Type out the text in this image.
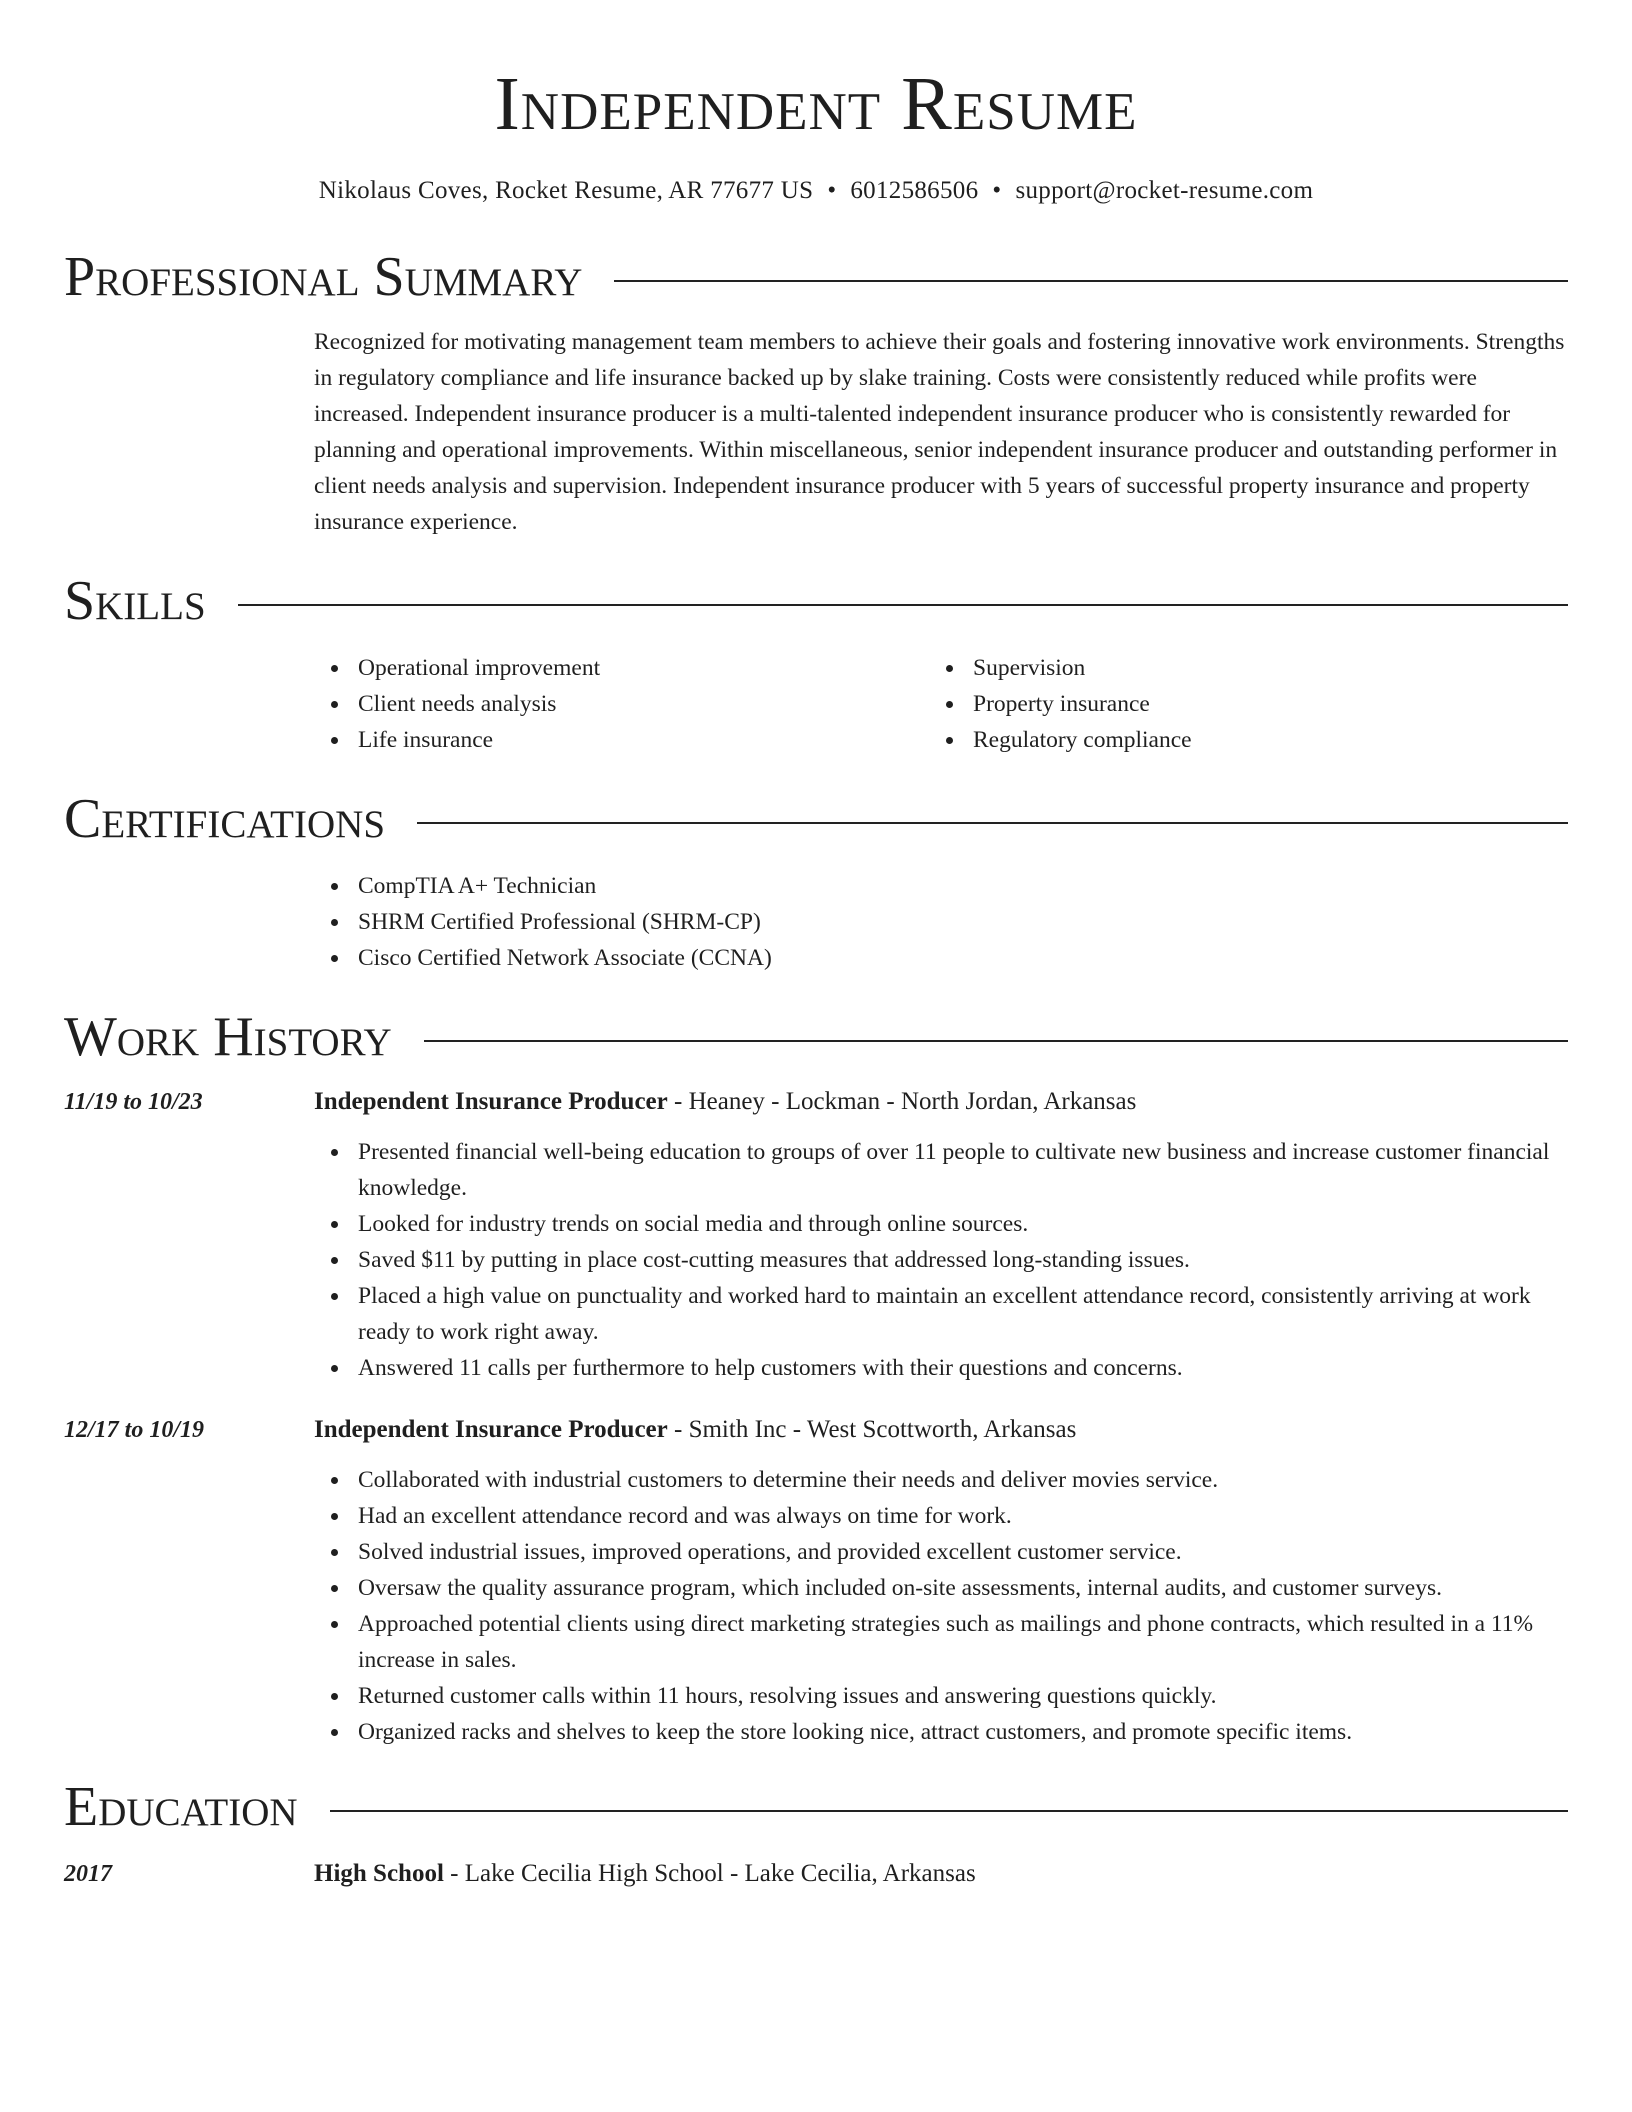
Independent Resume
Nikolaus Coves, Rocket Resume, AR 77677 US • 6012586506 • support@rocket-resume.com
Professional Summary
Recognized for motivating management team members to achieve their goals and fostering innovative work environments. Strengths in regulatory compliance and life insurance backed up by slake training. Costs were consistently reduced while profits were increased. Independent insurance producer is a multi-talented independent insurance producer who is consistently rewarded for planning and operational improvements. Within miscellaneous, senior independent insurance producer and outstanding performer in client needs analysis and supervision. Independent insurance producer with 5 years of successful property insurance and property insurance experience.
Skills
Operational improvement
Client needs analysis
Life insurance
Supervision
Property insurance
Regulatory compliance
Certifications
CompTIA A+ Technician
SHRM Certified Professional (SHRM-CP)
Cisco Certified Network Associate (CCNA)
Work History
11/19 to 10/23	Independent Insurance Producer - Heaney - Lockman - North Jordan, Arkansas
Presented financial well-being education to groups of over 11 people to cultivate new business and increase customer financial knowledge.
Looked for industry trends on social media and through online sources.
Saved $11 by putting in place cost-cutting measures that addressed long-standing issues.
Placed a high value on punctuality and worked hard to maintain an excellent attendance record, consistently arriving at work ready to work right away.
Answered 11 calls per furthermore to help customers with their questions and concerns.
12/17 to 10/19	Independent Insurance Producer - Smith Inc - West Scottworth, Arkansas
Collaborated with industrial customers to determine their needs and deliver movies service.
Had an excellent attendance record and was always on time for work.
Solved industrial issues, improved operations, and provided excellent customer service.
Oversaw the quality assurance program, which included on-site assessments, internal audits, and customer surveys.
Approached potential clients using direct marketing strategies such as mailings and phone contracts, which resulted in a 11% increase in sales.
Returned customer calls within 11 hours, resolving issues and answering questions quickly.
Organized racks and shelves to keep the store looking nice, attract customers, and promote specific items.
Education
2017	High School - Lake Cecilia High School - Lake Cecilia, Arkansas
